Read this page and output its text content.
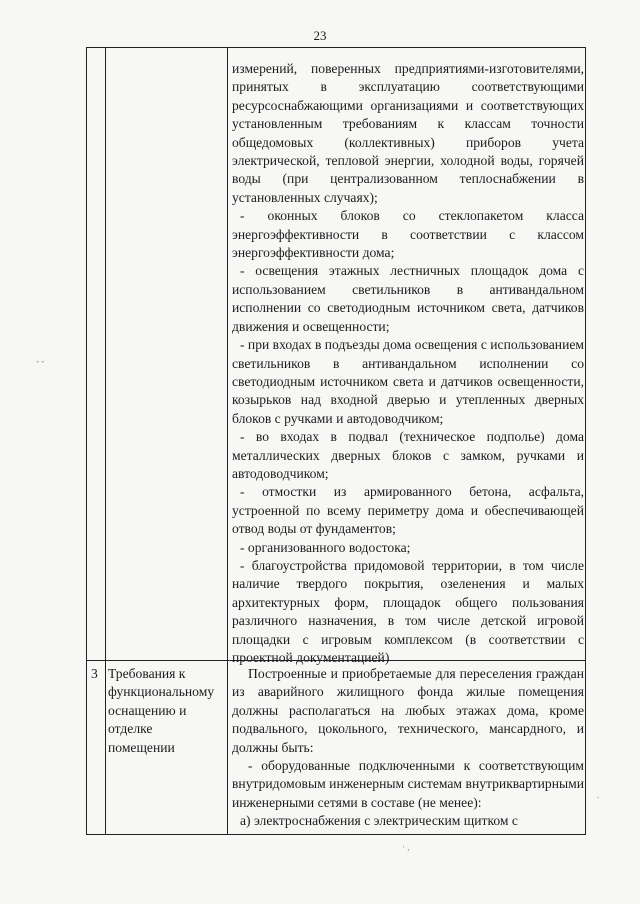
23

измерений, поверенных предприятиями-изготовителями, принятых в эксплуатацию соответствующими ресурсоснабжающими организациями и соответствующих установленным требованиям к классам точности общедомовых (коллективных) приборов учета электрической, тепловой энергии, холодной воды, горячей воды (при централизованном теплоснабжении в установленных случаях);

- оконных блоков со стеклопакетом класса энергоэффективности в соответствии с классом энергоэффективности дома;

- освещения этажных лестничных площадок дома с использованием светильников в антивандальном исполнении со светодиодным источником света, датчиков движения и освещенности;

- при входах в подъезды дома освещения с использованием светильников в антивандальном исполнении со светодиодным источником света и датчиков освещенности, козырьков над входной дверью и утепленных дверных блоков с ручками и автодоводчиком;

- во входах в подвал (техническое подполье) дома металлических дверных блоков с замком, ручками и автодоводчиком;

- отмостки из армированного бетона, асфальта, устроенной по всему периметру дома и обеспечивающей отвод воды от фундаментов;

- организованного водостока;

- благоустройства придомовой территории, в том числе наличие твердого покрытия, озеленения и малых архитектурных форм, площадок общего пользования различного назначения, в том числе детской игровой площадки с игровым комплексом (в соответствии с проектной документацией)

3 Требования к
функциональному
оснащению и
отделке
помещении

Построенные и приобретаемые для переселения граждан из аварийного жилищного фонда жилые помещения должны располагаться на любых этажах дома, кроме подвального, цокольного, технического, мансардного, и должны быть:

- оборудованные подключенными к соответствующим внутридомовым инженерным системам внутриквартирными инженерными сетями в составе (не менее):

а) электроснабжения с электрическим щитком с

‐ -
· ,
.
